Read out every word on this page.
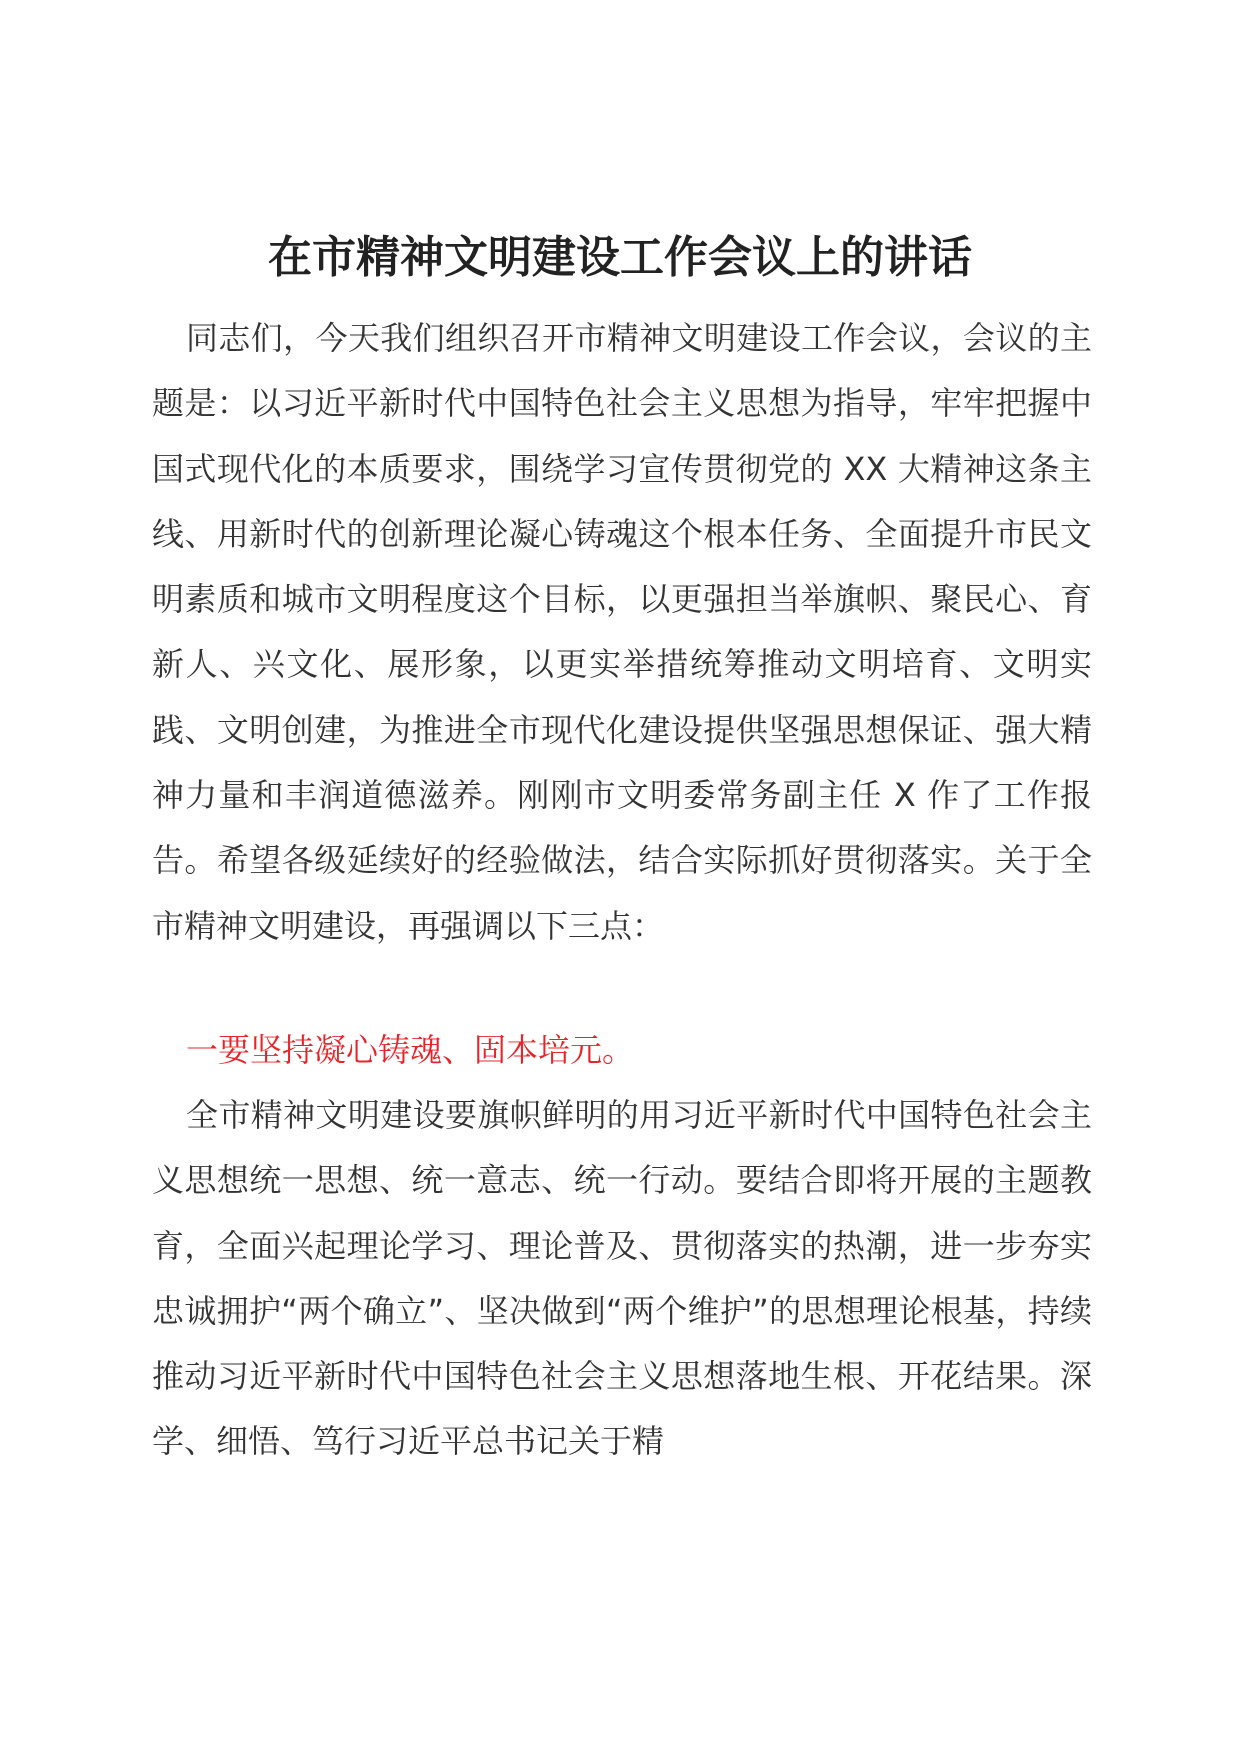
在市精神文明建设工作会议上的讲话

同志们，今天我们组织召开市精神文明建设工作会议，会议的主题是：以习近平新时代中国特色社会主义思想为指导，牢牢把握中国式现代化的本质要求，围绕学习宣传贯彻党的 XX 大精神这条主线、用新时代的创新理论凝心铸魂这个根本任务、全面提升市民文明素质和城市文明程度这个目标，以更强担当举旗帜、聚民心、育新人、兴文化、展形象，以更实举措统筹推动文明培育、文明实践、文明创建，为推进全市现代化建设提供坚强思想保证、强大精神力量和丰润道德滋养。刚刚市文明委常务副主任 X 作了工作报告。希望各级延续好的经验做法，结合实际抓好贯彻落实。关于全市精神文明建设，再强调以下三点：

一要坚持凝心铸魂、固本培元。

全市精神文明建设要旗帜鲜明的用习近平新时代中国特色社会主义思想统一思想、统一意志、统一行动。要结合即将开展的主题教育，全面兴起理论学习、理论普及、贯彻落实的热潮，进一步夯实忠诚拥护“两个确立”、坚决做到“两个维护”的思想理论根基，持续推动习近平新时代中国特色社会主义思想落地生根、开花结果。深学、细悟、笃行习近平总书记关于精
